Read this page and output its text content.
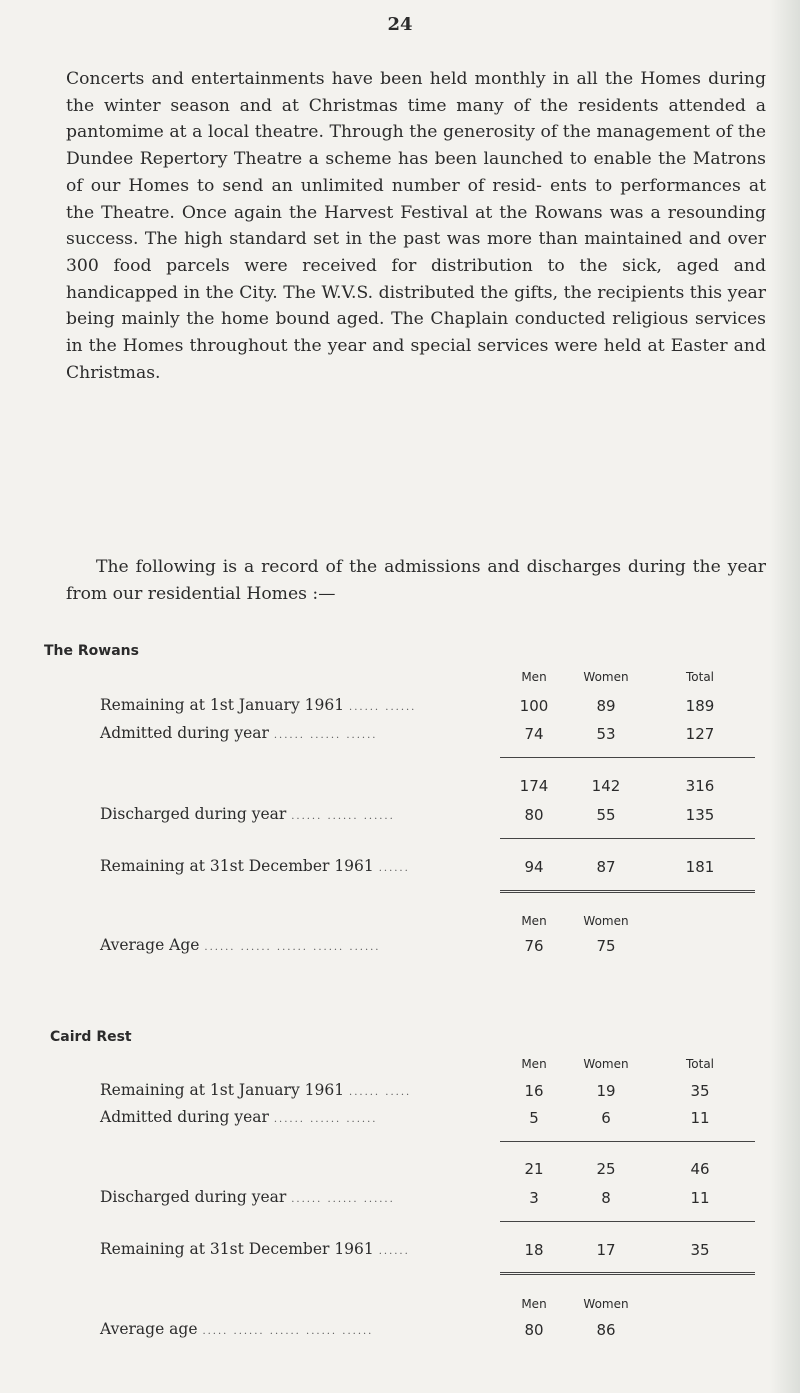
24

Concerts and entertainments have been held monthly in all the Homes during the winter season and at Christmas time many of the residents attended a pantomime at a local theatre. Through the generosity of the management of the Dundee Repertory Theatre a scheme has been launched to enable the Matrons of our Homes to send an unlimited number of resid- ents to performances at the Theatre. Once again the Harvest Festival at the Rowans was a resounding success. The high standard set in the past was more than maintained and over 300 food parcels were received for distribution to the sick, aged and handicapped in the City. The W.V.S. distributed the gifts, the recipients this year being mainly the home bound aged. The Chaplain conducted religious services in the Homes throughout the year and special services were held at Easter and Christmas.

The following is a record of the admissions and discharges during the year from our residential Homes :—

The Rowans
Men	Women	Total
Remaining at 1st January 1961 ...... ......	100	89	189
Admitted during year ...... ...... ......	74	53	127
174	142	316
Discharged during year ...... ...... ......	80	55	135
Remaining at 31st December 1961 ......	94	87	181
Men	Women
Average Age ...... ...... ...... ...... ......	76	75
Caird Rest
Men	Women	Total
Remaining at 1st January 1961 ...... .....	16	19	35
Admitted during year ...... ...... ......	5	6	11
21	25	46
Discharged during year ...... ...... ......	3	8	11
Remaining at 31st December 1961 ......	18	17	35
Men	Women
Average age ..... ...... ...... ...... ......	80	86
